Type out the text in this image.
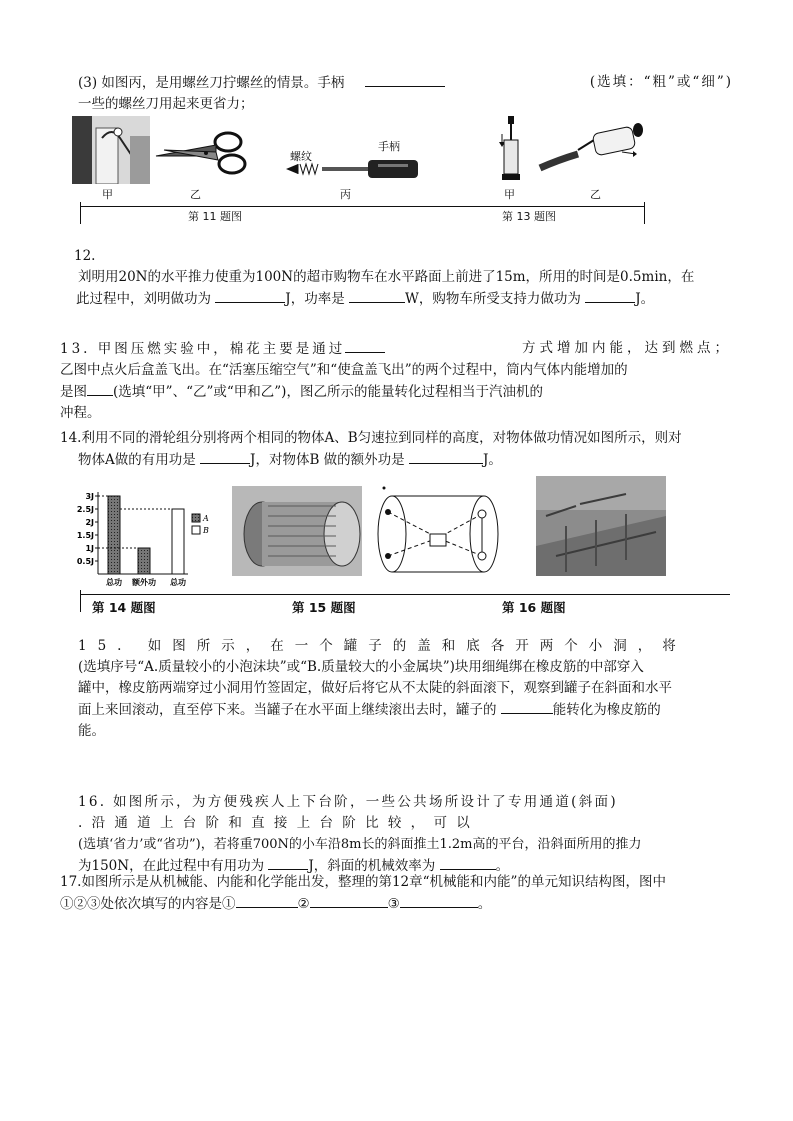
(3) 如图丙，是用螺丝刀拧螺丝的情景。手柄	(选填：“粗”或“细”)
一些的螺丝刀用起来更省力；
甲	乙
螺纹
手柄
丙	甲	乙
第 11 题图	第 13 题图
12.
刘明用20N的水平推力使重为100N的超市购物车在水平路面上前进了15m，所用的时间是0.5min，在
此过程中，刘明做功为	J，功率是	W，购物车所受支持力做功为	J。
13. 甲图压燃实验中，棉花主要是通过	方式增加内能，达到燃点；
乙图中点火后盒盖飞出。在“活塞压缩空气”和“使盒盖飞出”的两个过程中，筒内气体内能增加的
是图 (选填“甲”、“乙”或“甲和乙”)，图乙所示的能量转化过程相当于汽油机的
冲程。
14.利用不同的滑轮组分别将两个相同的物体A、B匀速拉到同样的高度，对物体做功情况如图所示，则对
物体A做的有用功是	J，对物体B 做的额外功是	J。
3J
2.5J
2J
1.5J
1J
0.5J
总功 额外功 总功
A
B
第 14 题图	第 15 题图	第 16 题图
15. 如图所示，在一个罐子的盖和底各开两个小洞，将
(选填序号“A.质量较小的小泡沫块”或“B.质量较大的小金属块”)块用细绳绑在橡皮筋的中部穿入
罐中，橡皮筋两端穿过小洞用竹签固定，做好后将它从不太陡的斜面滚下，观察到罐子在斜面和水平
面上来回滚动，直至停下来。当罐子在水平面上继续滚出去时，罐子的	能转化为橡皮筋的
能。
16. 如图所示，为方便残疾人上下台阶，一些公共场所设计了专用通道(斜面)
. 沿 通 道 上 台 阶 和 直 接 上 台 阶 比 较 ， 可 以
(选填‘省力’或“省功”)，若将重700N的小车沿8m长的斜面推土1.2m高的平台，沿斜面所用的推力
为150N，在此过程中有用功为	J，斜面的机械效率为	。
17.如图所示是从机械能、内能和化学能出发，整理的第12章“机械能和内能”的单元知识结构图，图中
①②③处依次填写的内容是①	②	③	。
